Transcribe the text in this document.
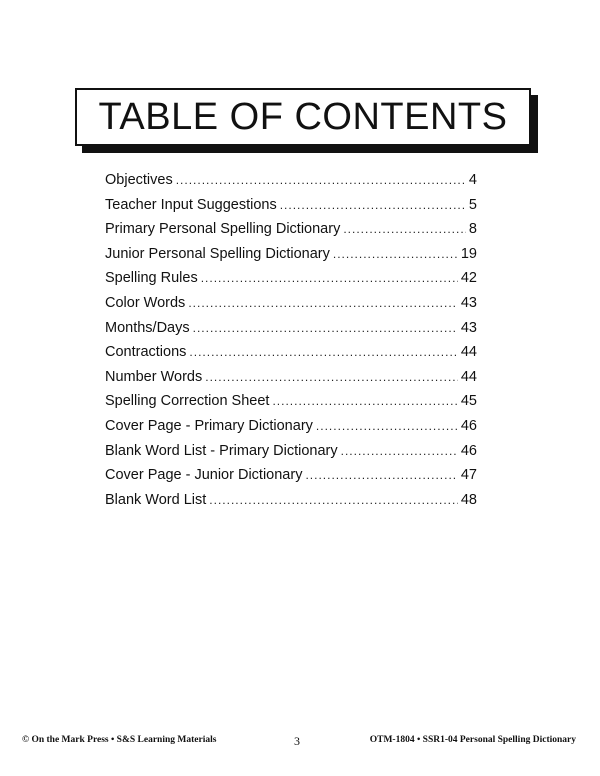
TABLE OF CONTENTS
Objectives .....	4
Teacher Input Suggestions .....	5
Primary Personal Spelling Dictionary .....	8
Junior Personal Spelling Dictionary .....	19
Spelling Rules .....	42
Color Words .....	43
Months/Days .....	43
Contractions .....	44
Number Words .....	44
Spelling Correction Sheet .....	45
Cover Page - Primary Dictionary .....	46
Blank Word List - Primary Dictionary .....	46
Cover Page - Junior Dictionary .....	47
Blank Word List .....	48
© On the Mark Press • S&S Learning Materials	3	OTM-1804 • SSR1-04 Personal Spelling Dictionary
